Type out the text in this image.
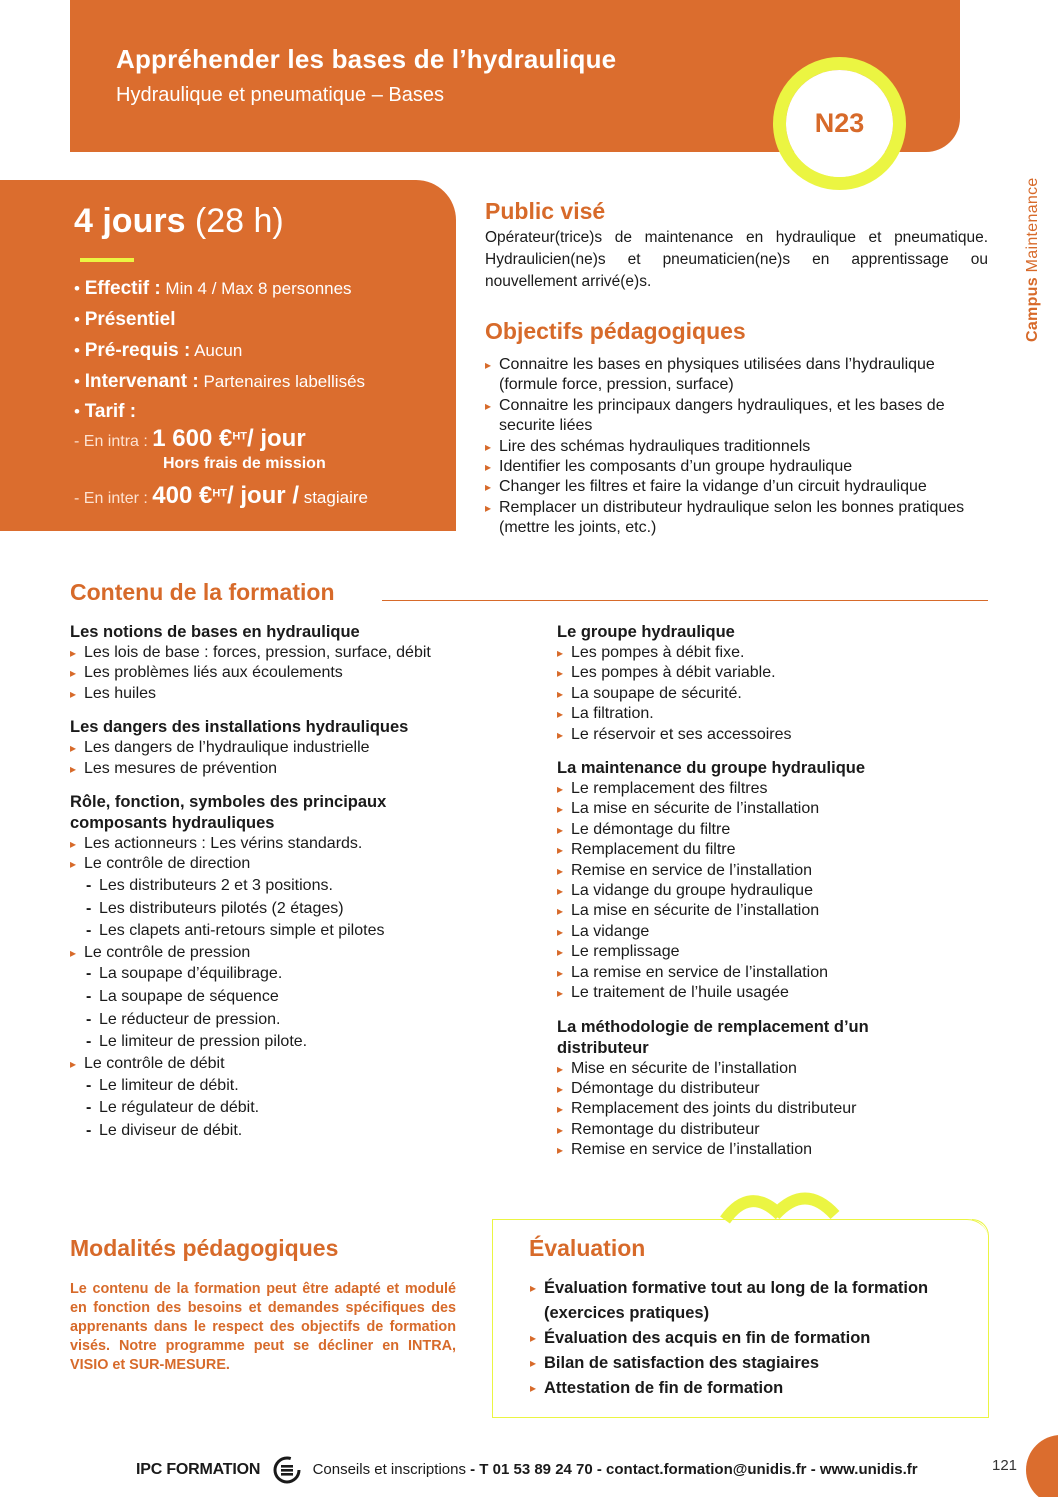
Appréhender les bases de l’hydraulique
Hydraulique et pneumatique – Bases
N23
Campus Maintenance
4 jours (28 h)
• Effectif : Min 4 / Max 8 personnes
• Présentiel
• Pré-requis : Aucun
• Intervenant : Partenaires labellisés
• Tarif :
- En intra : 1 600 €$^{HT}$/ jour
Hors frais de mission
- En inter : 400 €$^{HT}$/ jour / stagiaire
Public visé
Opérateur(trice)s de maintenance en hydraulique et pneumatique. Hydraulicien(ne)s et pneumaticien(ne)s en apprentissage ou nouvellement arrivé(e)s.
Objectifs pédagogiques
▸ Connaitre les bases en physiques utilisées dans l’hydraulique (formule force, pression, surface)
▸ Connaitre les principaux dangers hydrauliques, et les bases de securite liées
▸ Lire des schémas hydrauliques traditionnels
▸ Identifier les composants d’un groupe hydraulique
▸ Changer les filtres et faire la vidange d’un circuit hydraulique
▸ Remplacer un distributeur hydraulique selon les bonnes pratiques (mettre les joints, etc.)
Contenu de la formation
Les notions de bases en hydraulique
▸ Les lois de base : forces, pression, surface, débit
▸ Les problèmes liés aux écoulements
▸ Les huiles
Les dangers des installations hydrauliques
▸ Les dangers de l’hydraulique industrielle
▸ Les mesures de prévention
Rôle, fonction, symboles des principaux composants hydrauliques
▸ Les actionneurs : Les vérins standards.
▸ Le contrôle de direction
- Les distributeurs 2 et 3 positions.
- Les distributeurs pilotés (2 étages)
- Les clapets anti-retours simple et pilotes
▸ Le contrôle de pression
- La soupape d’équilibrage.
- La soupape de séquence
- Le réducteur de pression.
- Le limiteur de pression pilote.
▸ Le contrôle de débit
- Le limiteur de débit.
- Le régulateur de débit.
- Le diviseur de débit.
Le groupe hydraulique
▸ Les pompes à débit fixe.
▸ Les pompes à débit variable.
▸ La soupape de sécurité.
▸ La filtration.
▸ Le réservoir et ses accessoires
La maintenance du groupe hydraulique
▸ Le remplacement des filtres
▸ La mise en sécurite de l’installation
▸ Le démontage du filtre
▸ Remplacement du filtre
▸ Remise en service de l’installation
▸ La vidange du groupe hydraulique
▸ La mise en sécurite de l’installation
▸ La vidange
▸ Le remplissage
▸ La remise en service de l’installation
▸ Le traitement de l’huile usagée
La méthodologie de remplacement d’un distributeur
▸ Mise en sécurite de l’installation
▸ Démontage du distributeur
▸ Remplacement des joints du distributeur
▸ Remontage du distributeur
▸ Remise en service de l’installation
Modalités pédagogiques
Le contenu de la formation peut être adapté et modulé en fonction des besoins et demandes spécifiques des apprenants dans le respect des objectifs de formation visés. Notre programme peut se décliner en INTRA, VISIO et SUR-MESURE.
Évaluation
▸ Évaluation formative tout au long de la formation (exercices pratiques)
▸ Évaluation des acquis en fin de formation
▸ Bilan de satisfaction des stagiaires
▸ Attestation de fin de formation
IPC FORMATION	Conseils et inscriptions - T 01 53 89 24 70 - contact.formation@unidis.fr - www.unidis.fr	121
